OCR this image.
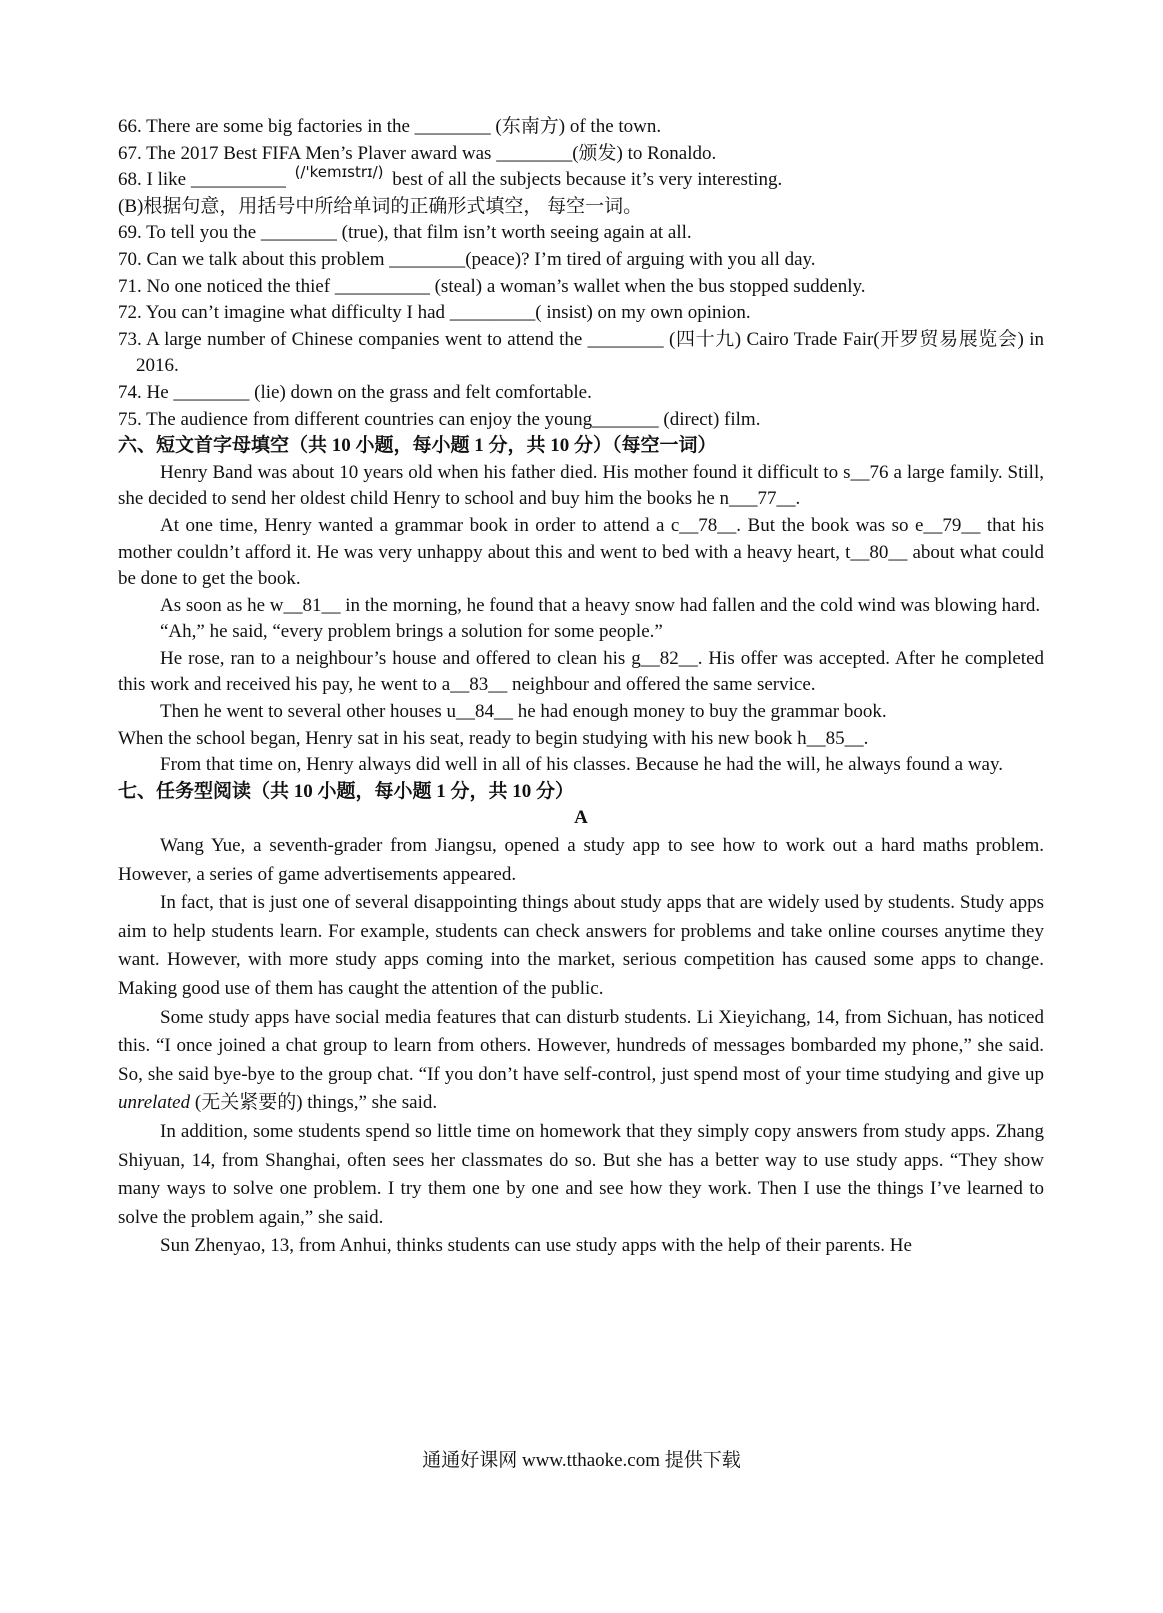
66. There are some big factories in the ________ (东南方) of the town.
67. The 2017 Best FIFA Men’s Plaver award was ________(颁发) to Ronaldo.
68. I like __________ $^{(/'kemɪstrɪ/)}$ best of all the subjects because it’s very interesting.
(B)根据句意，用括号中所给单词的正确形式填空， 每空一词。
69. To tell you the ________ (true), that film isn’t worth seeing again at all.
70. Can we talk about this problem ________(peace)? I’m tired of arguing with you all day.
71. No one noticed the thief __________ (steal) a woman’s wallet when the bus stopped suddenly.
72. You can’t imagine what difficulty I had _________( insist) on my own opinion.
73. A large number of Chinese companies went to attend the ________ (四十九) Cairo Trade Fair(开罗贸易展览会) in 2016.
74. He ________ (lie) down on the grass and felt comfortable.
75. The audience from different countries can enjoy the young_______ (direct) film.
六、短文首字母填空（共 10 小题，每小题 1 分，共 10 分）（每空一词）
Henry Band was about 10 years old when his father died. His mother found it difficult to s__76 a large family. Still, she decided to send her oldest child Henry to school and buy him the books he n___77__.
At one time, Henry wanted a grammar book in order to attend a c__78__. But the book was so e__79__ that his mother couldn’t afford it. He was very unhappy about this and went to bed with a heavy heart, t__80__ about what could be done to get the book.
As soon as he w__81__ in the morning, he found that a heavy snow had fallen and the cold wind was blowing hard.
“Ah,” he said, “every problem brings a solution for some people.”
He rose, ran to a neighbour’s house and offered to clean his g__82__. His offer was accepted. After he completed this work and received his pay, he went to a__83__ neighbour and offered the same service.
Then he went to several other houses u__84__ he had enough money to buy the grammar book.
When the school began, Henry sat in his seat, ready to begin studying with his new book h__85__.
From that time on, Henry always did well in all of his classes. Because he had the will, he always found a way.
七、任务型阅读（共 10 小题，每小题 1 分，共 10 分）
A
Wang Yue, a seventh-grader from Jiangsu, opened a study app to see how to work out a hard maths problem. However, a series of game advertisements appeared.
In fact, that is just one of several disappointing things about study apps that are widely used by students. Study apps aim to help students learn. For example, students can check answers for problems and take online courses anytime they want. However, with more study apps coming into the market, serious competition has caused some apps to change. Making good use of them has caught the attention of the public.
Some study apps have social media features that can disturb students. Li Xieyichang, 14, from Sichuan, has noticed this. “I once joined a chat group to learn from others. However, hundreds of messages bombarded my phone,” she said. So, she said bye-bye to the group chat. “If you don’t have self-control, just spend most of your time studying and give up unrelated (无关紧要的) things,” she said.
In addition, some students spend so little time on homework that they simply copy answers from study apps. Zhang Shiyuan, 14, from Shanghai, often sees her classmates do so. But she has a better way to use study apps. “They show many ways to solve one problem. I try them one by one and see how they work. Then I use the things I’ve learned to solve the problem again,” she said.
Sun Zhenyao, 13, from Anhui, thinks students can use study apps with the help of their parents. He
通通好课网 www.tthaoke.com 提供下载
